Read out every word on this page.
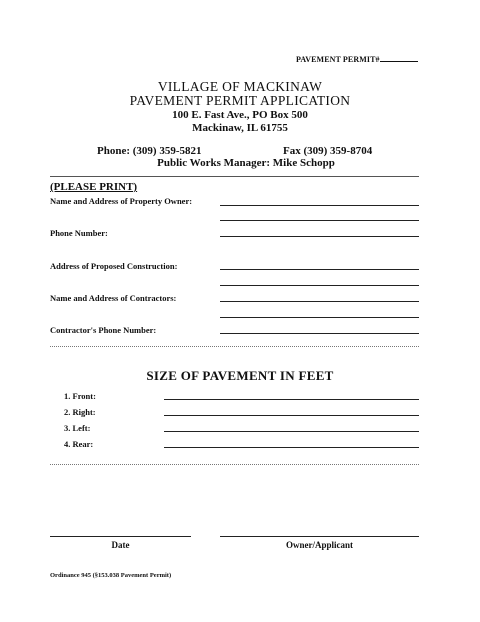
PAVEMENT PERMIT#
VILLAGE OF MACKINAW
PAVEMENT PERMIT APPLICATION
100 E. Fast Ave., PO Box 500
Mackinaw, IL 61755
Phone: (309) 359-5821	Fax (309) 359-8704
Public Works Manager: Mike Schopp
(PLEASE PRINT)
Name and Address of Property Owner:
Phone Number:
Address of Proposed Construction:
Name and Address of Contractors:
Contractor's Phone Number:
SIZE OF PAVEMENT IN FEET
1. Front:
2. Right:
3. Left:
4. Rear:
Date	Owner/Applicant
Ordinance 945 (§153.038 Pavement Permit)
